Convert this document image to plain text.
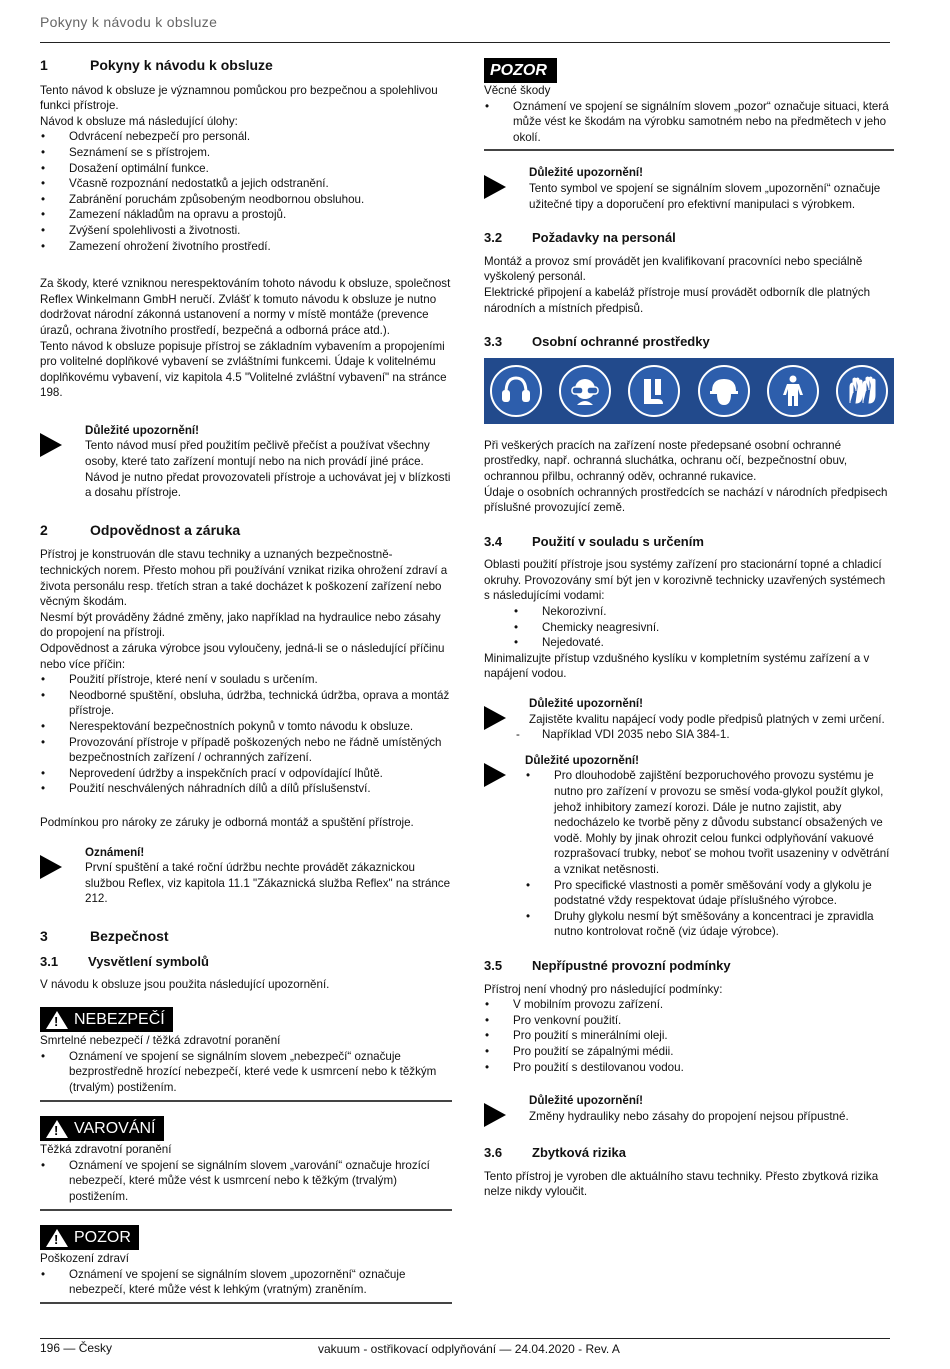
Pokyny k návodu k obsluze
1	Pokyny k návodu k obsluze

Tento návod k obsluze je významnou pomůckou pro bezpečnou a spolehlivou funkci přístroje.

Návod k obsluze má následující úlohy:

• Odvrácení nebezpečí pro personál.
• Seznámení se s přístrojem.
• Dosažení optimální funkce.
• Včasně rozpoznání nedostatků a jejich odstranění.
• Zabránění poruchám způsobeným neodbornou obsluhou.
• Zamezení nákladům na opravu a prostojů.
• Zvýšení spolehlivosti a životnosti.
• Zamezení ohrožení životního prostředí.

Za škody, které vzniknou nerespektováním tohoto návodu k obsluze, společnost Reflex Winkelmann GmbH neručí. Zvlášť k tomuto návodu k obsluze je nutno dodržovat národní zákonná ustanovení a normy v místě montáže (prevence úrazů, ochrana životního prostředí, bezpečná a odborná práce atd.).

Tento návod k obsluze popisuje přístroj se základním vybavením a propojeními pro volitelné doplňkové vybavení se zvláštními funkcemi. Údaje k volitelnému doplňkovému vybavení, viz kapitola 4.5 "Volitelné zvláštní vybavení" na stránce 198.

Důležité upozornění!
Tento návod musí před použitím pečlivě přečíst a používat všechny osoby, které tato zařízení montují nebo na nich provádí jiné práce. Návod je nutno předat provozovateli přístroje a uchovávat jej v blízkosti a dosahu přístroje.
2	Odpovědnost a záruka

Přístroj je konstruován dle stavu techniky a uznaných bezpečnostně-technických norem. Přesto mohou při používání vznikat rizika ohrožení zdraví a života personálu resp. třetích stran a také docházet k poškození zařízení nebo věcným škodám.

Nesmí být prováděny žádné změny, jako například na hydraulice nebo zásahy do propojení na přístroji.

Odpovědnost a záruka výrobce jsou vyloučeny, jedná-li se o následující příčinu nebo více příčin:

• Použití přístroje, které není v souladu s určením.
• Neodborné spuštění, obsluha, údržba, technická údržba, oprava a montáž přístroje.
• Nerespektování bezpečnostních pokynů v tomto návodu k obsluze.
• Provozování přístroje v případě poškozených nebo ne řádně umístěných bezpečnostních zařízení / ochranných zařízení.
• Neprovedení údržby a inspekčních prací v odpovídající lhůtě.
• Použití neschválených náhradních dílů a dílů příslušenství.

Podmínkou pro nároky ze záruky je odborná montáž a spuštění přístroje.

Oznámení!
První spuštění a také roční údržbu nechte provádět zákaznickou službou Reflex, viz kapitola 11.1 "Zákaznická služba Reflex" na stránce 212.
3	Bezpečnost
3.1	Vysvětlení symbolů

V návodu k obsluze jsou použita následující upozornění.

!
NEBEZPEČÍ
Smrtelné nebezpečí / těžká zdravotní poranění
• Oznámení ve spojení se signálním slovem „nebezpečí“ označuje bezprostředně hrozící nebezpečí, které vede k usmrcení nebo k těžkým (trvalým) postižením.
!
VAROVÁNÍ
Těžká zdravotní poranění
• Oznámení ve spojení se signálním slovem „varování“ označuje hrozící nebezpečí, které může vést k usmrcení nebo k těžkým (trvalým) postižením.
!
POZOR
Poškození zdraví
• Oznámení ve spojení se signálním slovem „upozornění“ označuje nebezpečí, které může vést k lehkým (vratným) zraněním.
POZOR
Věcné škody
• Oznámení ve spojení se signálním slovem „pozor“ označuje situaci, která může vést ke škodám na výrobku samotném nebo na předmětech v jeho okolí.
Důležité upozornění!
Tento symbol ve spojení se signálním slovem „upozornění“ označuje užitečné tipy a doporučení pro efektivní manipulaci s výrobkem.
3.2	Požadavky na personál

Montáž a provoz smí provádět jen kvalifikovaní pracovníci nebo speciálně vyškolený personál.

Elektrické připojení a kabeláž přístroje musí provádět odborník dle platných národních a místních předpisů.

3.3	Osobní ochranné prostředky

Při veškerých pracích na zařízení noste předepsané osobní ochranné prostředky, např. ochranná sluchátka, ochranu očí, bezpečnostní obuv, ochrannou přilbu, ochranný oděv, ochranné rukavice.

Údaje o osobních ochranných prostředcích se nachází v národních předpisech příslušné provozující země.

3.4	Použití v souladu s určením

Oblasti použití přístroje jsou systémy zařízení pro stacionární topné a chladicí okruhy. Provozovány smí být jen v korozivně technicky uzavřených systémech s následujícími vodami:

• Nekorozivní.
• Chemicky neagresivní.
• Nejedovaté.

Minimalizujte přístup vzdušného kyslíku v kompletním systému zařízení a v napájení vodou.

Důležité upozornění!
Zajistěte kvalitu napájecí vody podle předpisů platných v zemi určení.
- Například VDI 2035 nebo SIA 384-1.
Důležité upozornění!
• Pro dlouhodobě zajištění bezporuchového provozu systému je nutno pro zařízení v provozu se směsí voda-glykol použít glykol, jehož inhibitory zamezí korozi. Dále je nutno zajistit, aby nedocházelo ke tvorbě pěny z důvodu substancí obsažených ve vodě. Mohly by jinak ohrozit celou funkci odplyňování vakuové rozprašovací trubky, neboť se mohou tvořit usazeniny v odvětrání a vznikat netěsnosti.
• Pro specifické vlastnosti a poměr směšování vody a glykolu je podstatné vždy respektovat údaje příslušného výrobce.
• Druhy glykolu nesmí být směšovány a koncentraci je zpravidla nutno kontrolovat ročně (viz údaje výrobce).
3.5	Nepřípustné provozní podmínky

Přístroj není vhodný pro následující podmínky:

• V mobilním provozu zařízení.
• Pro venkovní použití.
• Pro použití s minerálními oleji.
• Pro použití se zápalnými médii.
• Pro použití s destilovanou vodou.
Důležité upozornění!
Změny hydrauliky nebo zásahy do propojení nejsou přípustné.
3.6	Zbytková rizika

Tento přístroj je vyroben dle aktuálního stavu techniky. Přesto zbytková rizika nelze nikdy vyloučit.

196 — Česky	vakuum - ostřikovací odplyňování — 24.04.2020 - Rev. A
